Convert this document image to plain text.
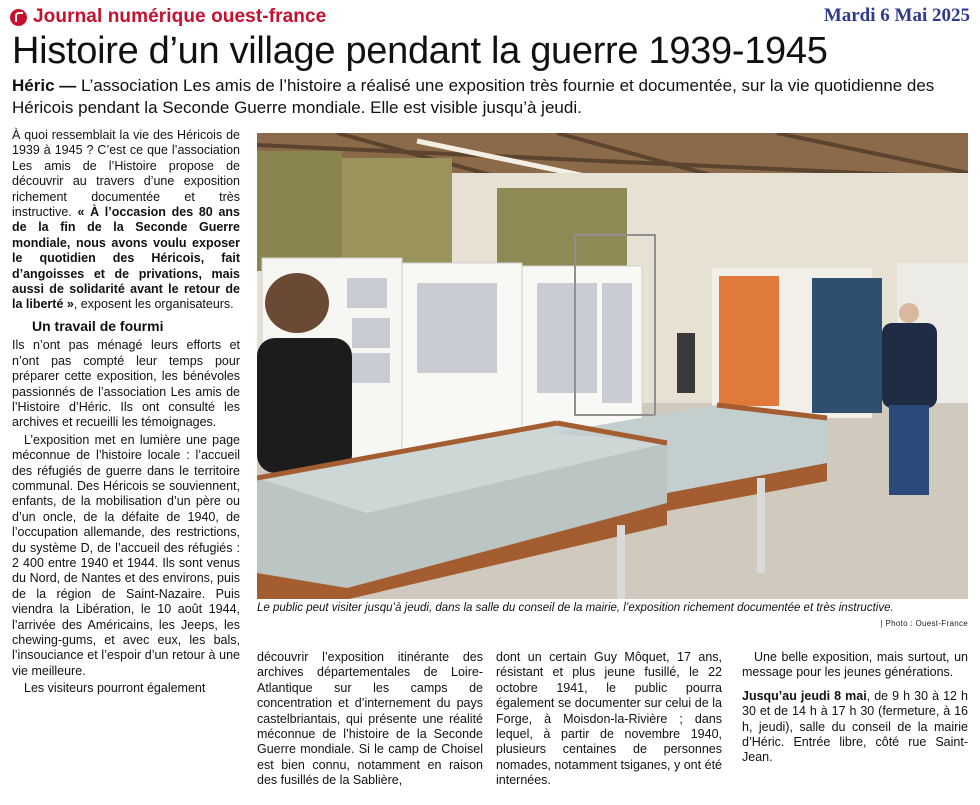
Journal numérique ouest-france	Mardi 6 Mai 2025
Histoire d’un village pendant la guerre 1939-1945
Héric — L’association Les amis de l’histoire a réalisé une exposition très fournie et documentée, sur la vie quotidienne des Héricois pendant la Seconde Guerre mondiale. Elle est visible jusqu’à jeudi.

À quoi ressemblait la vie des Héricois de 1939 à 1945 ? C’est ce que l’association Les amis de l’Histoire propose de découvrir au travers d’une exposition richement documentée et très instructive. « À l’occasion des 80 ans de la fin de la Seconde Guerre mondiale, nous avons voulu exposer le quotidien des Héricois, fait d’angoisses et de privations, mais aussi de solidarité avant le retour de la liberté », exposent les organisateurs.

Un travail de fourmi

Ils n’ont pas ménagé leurs efforts et n’ont pas compté leur temps pour préparer cette exposition, les bénévoles passionnés de l’association Les amis de l’Histoire d’Héric. Ils ont consulté les archives et recueilli les témoignages.

L’exposition met en lumière une page méconnue de l’histoire locale : l’accueil des réfugiés de guerre dans le territoire communal. Des Héricois se souviennent, enfants, de la mobilisation d’un père ou d’un oncle, de la défaite de 1940, de l’occupation allemande, des restrictions, du système D, de l’accueil des réfugiés : 2 400 entre 1940 et 1944. Ils sont venus du Nord, de Nantes et des environs, puis de la région de Saint-Nazaire. Puis viendra la Libération, le 10 août 1944, l’arrivée des Américains, les Jeeps, les chewing-gums, et avec eux, les bals, l’insouciance et l’espoir d’un retour à une vie meilleure.

Les visiteurs pourront également

Le public peut visiter jusqu’à jeudi, dans la salle du conseil de la mairie, l’exposition richement documentée et très instructive.
| Photo : Ouest-France

découvrir l’exposition itinérante des archives départementales de Loire-Atlantique sur les camps de concentration et d’internement du pays castelbriantais, qui présente une réalité méconnue de l’histoire de la Seconde Guerre mondiale. Si le camp de Choisel est bien connu, notamment en raison des fusillés de la Sablière,

dont un certain Guy Môquet, 17 ans, résistant et plus jeune fusillé, le 22 octobre 1941, le public pourra également se documenter sur celui de la Forge, à Moisdon-la-Rivière ; dans lequel, à partir de novembre 1940, plusieurs centaines de personnes nomades, notamment tsiganes, y ont été internées.

Une belle exposition, mais surtout, un message pour les jeunes générations.

Jusqu’au jeudi 8 mai, de 9 h 30 à 12 h 30 et de 14 h à 17 h 30 (fermeture, à 16 h, jeudi), salle du conseil de la mairie d’Héric. Entrée libre, côté rue Saint-Jean.
